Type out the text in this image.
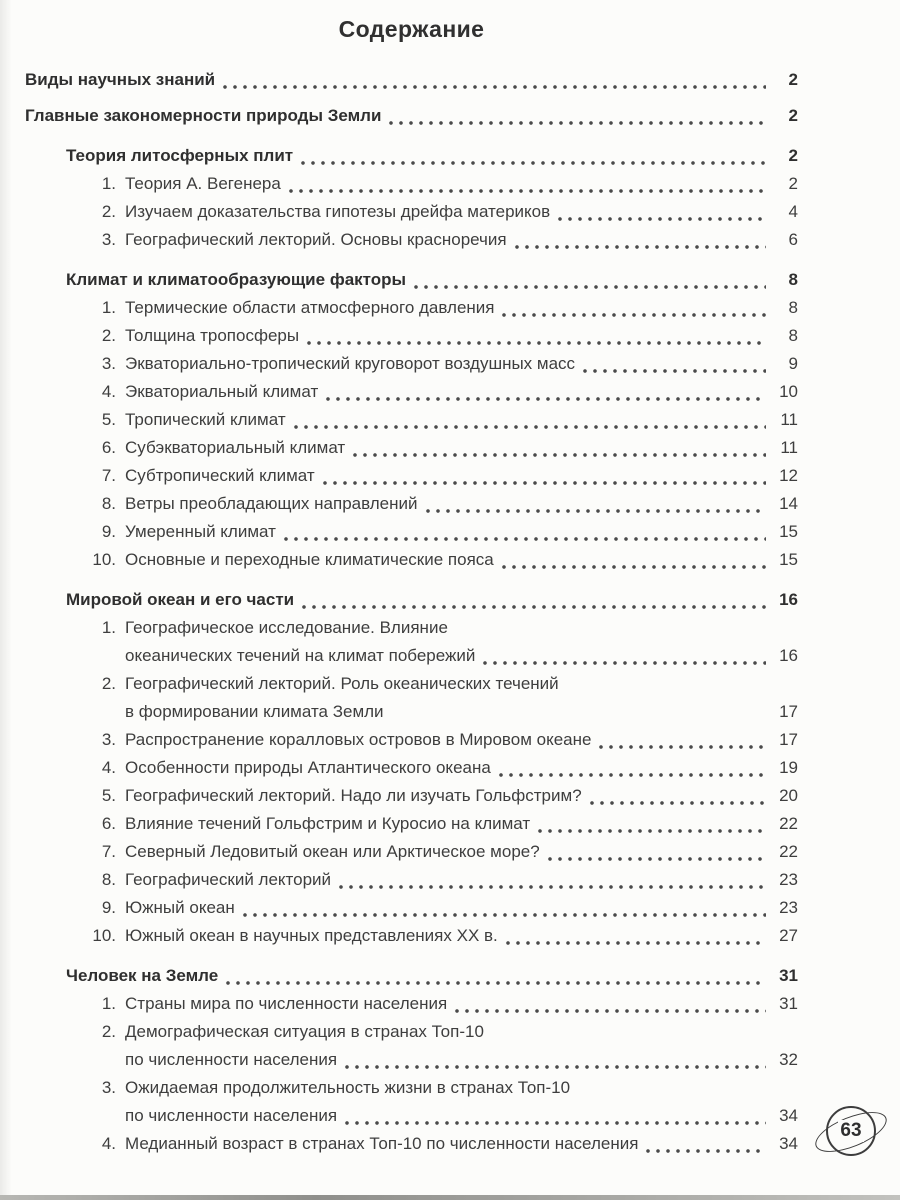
Содержание
Виды научных знаний	2
Главные закономерности природы Земли	2
Теория литосферных плит	2
1. Теория А. Вегенера	2
2. Изучаем доказательства гипотезы дрейфа материков	4
3. Географический лекторий. Основы красноречия	6
Климат и климатообразующие факторы	8
1. Термические области атмосферного давления	8
2. Толщина тропосферы	8
3. Экваториально-тропический круговорот воздушных масс	9
4. Экваториальный климат	10
5. Тропический климат	11
6. Субэкваториальный климат	11
7. Субтропический климат	12
8. Ветры преобладающих направлений	14
9. Умеренный климат	15
10. Основные и переходные климатические пояса	15
Мировой океан и его части	16
1. Географическое исследование. Влияние
океанических течений на климат побережий	16
2. Географический лекторий. Роль океанических течений
в формировании климата Земли	17
3. Распространение коралловых островов в Мировом океане	17
4. Особенности природы Атлантического океана	19
5. Географический лекторий. Надо ли изучать Гольфстрим?	20
6. Влияние течений Гольфстрим и Куросио на климат	22
7. Северный Ледовитый океан или Арктическое море?	22
8. Географический лекторий	23
9. Южный океан	23
10. Южный океан в научных представлениях XX в.	27
Человек на Земле	31
1. Страны мира по численности населения	31
2. Демографическая ситуация в странах Топ-10
по численности населения	32
3. Ожидаемая продолжительность жизни в странах Топ-10
по численности населения	34
4. Медианный возраст в странах Топ-10 по численности населения	34
63
